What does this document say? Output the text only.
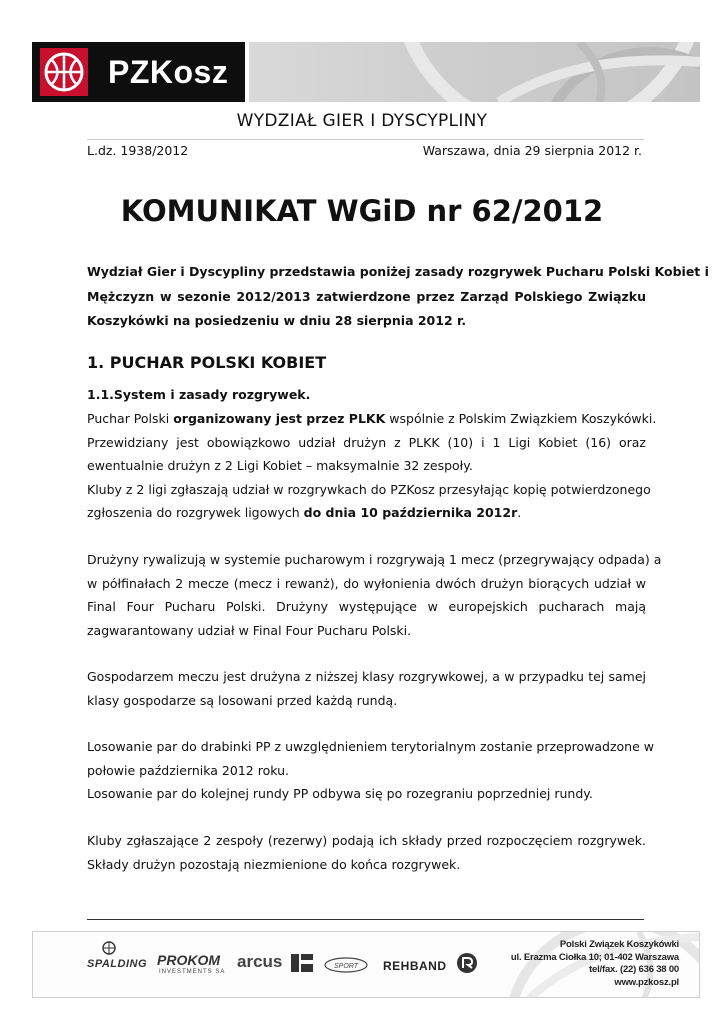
PZKosz
WYDZIAŁ GIER I DYSCYPLINY
L.dz. 1938/2012	Warszawa, dnia 29 sierpnia 2012 r.
KOMUNIKAT WGiD nr 62/2012
Wydział Gier i Dyscypliny przedstawia poniżej zasady rozgrywek Pucharu Polski Kobiet i
Mężczyzn w sezonie 2012/2013 zatwierdzone przez Zarząd Polskiego Związku
Koszykówki na posiedzeniu w dniu 28 sierpnia 2012 r.
1. PUCHAR POLSKI KOBIET
1.1.System i zasady rozgrywek.
Puchar Polski organizowany jest przez PLKK wspólnie z Polskim Związkiem Koszykówki.
Przewidziany jest obowiązkowo udział drużyn z PLKK (10) i 1 Ligi Kobiet (16) oraz
ewentualnie drużyn z 2 Ligi Kobiet – maksymalnie 32 zespoły.
Kluby z 2 ligi zgłaszają udział w rozgrywkach do PZKosz przesyłając kopię potwierdzonego
zgłoszenia do rozgrywek ligowych do dnia 10 października 2012r.
Drużyny rywalizują w systemie pucharowym i rozgrywają 1 mecz (przegrywający odpada) a
w półfinałach 2 mecze (mecz i rewanż), do wyłonienia dwóch drużyn biorących udział w
Final Four Pucharu Polski. Drużyny występujące w europejskich pucharach mają
zagwarantowany udział w Final Four Pucharu Polski.
Gospodarzem meczu jest drużyna z niższej klasy rozgrywkowej, a w przypadku tej samej
klasy gospodarze są losowani przed każdą rundą.
Losowanie par do drabinki PP z uwzględnieniem terytorialnym zostanie przeprowadzone w
połowie października 2012 roku.
Losowanie par do kolejnej rundy PP odbywa się po rozegraniu poprzedniej rundy.
Kluby zgłaszające 2 zespoły (rezerwy) podają ich składy przed rozpoczęciem rozgrywek.
Składy drużyn pozostają niezmienione do końca rozgrywek.
SPALDING PROKOM
INVESTMENTS SA
arcus	SPORT REHBAND
Polski Związek Koszykówki
ul. Erazma Ciołka 10; 01-402 Warszawa
tel/fax. (22) 636 38 00
www.pzkosz.pl
